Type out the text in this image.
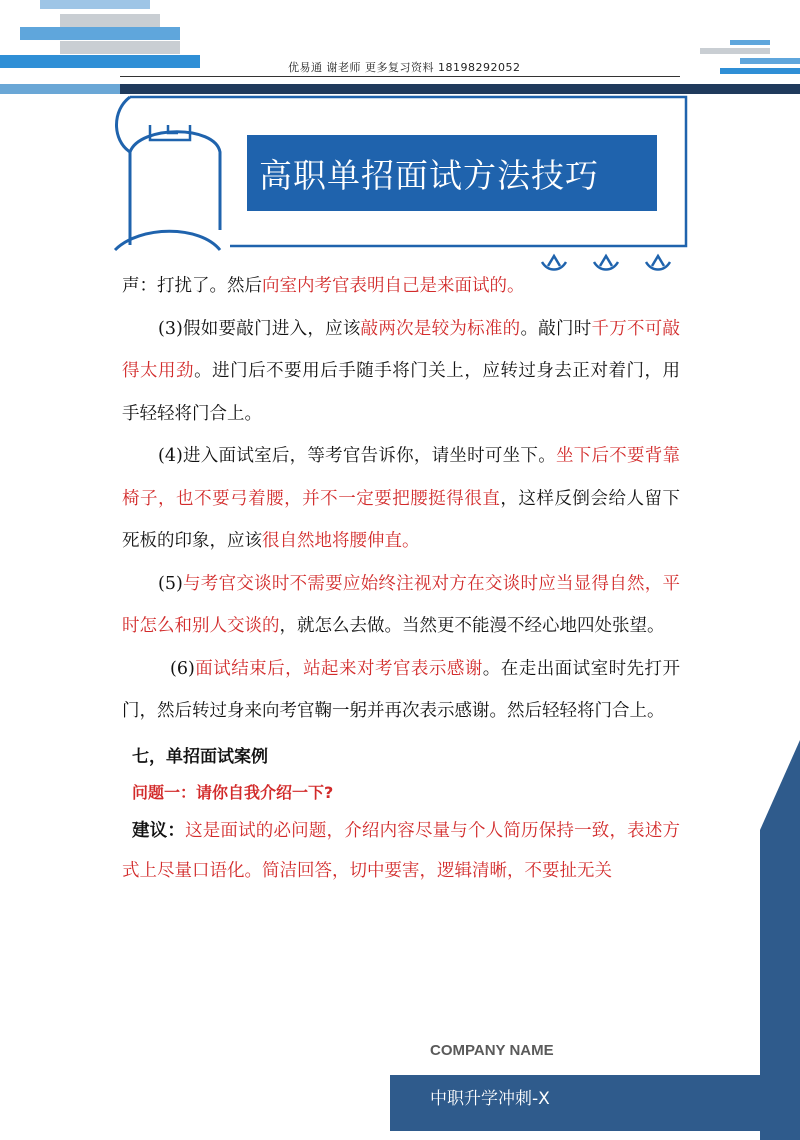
优易通 谢老师 更多复习资料 18198292052
高职单招面试方法技巧

声：打扰了。然后向室内考官表明自己是来面试的。

(3)假如要敲门进入，应该敲两次是较为标准的。敲门时千万不可敲得太用劲。进门后不要用后手随手将门关上，应转过身去正对着门，用手轻轻将门合上。

(4)进入面试室后，等考官告诉你，请坐时可坐下。坐下后不要背靠椅子，也不要弓着腰，并不一定要把腰挺得很直，这样反倒会给人留下死板的印象，应该很自然地将腰伸直。

(5)与考官交谈时不需要应始终注视对方在交谈时应当显得自然，平时怎么和别人交谈的，就怎么去做。当然更不能漫不经心地四处张望。

(6)面试结束后，站起来对考官表示感谢。在走出面试室时先打开门，然后转过身来向考官鞠一躬并再次表示感谢。然后轻轻将门合上。

七，单招面试案例

问题一：请你自我介绍一下?

建议：这是面试的必问题，介绍内容尽量与个人简历保持一致，表述方式上尽量口语化。简洁回答，切中要害，逻辑清晰，不要扯无关

COMPANY NAME
中职升学冲刺-X
